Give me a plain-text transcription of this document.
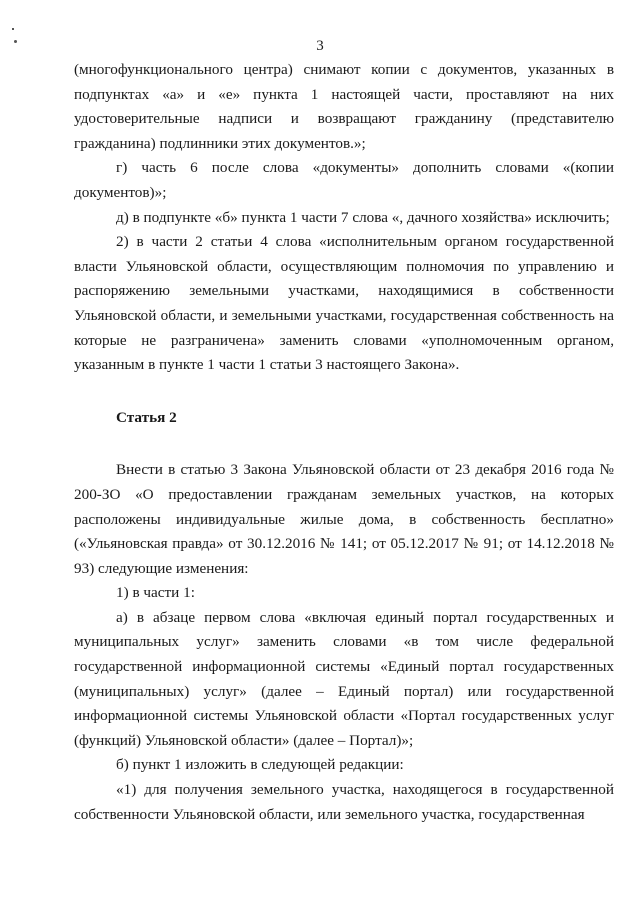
3

(многофункционального центра) снимают копии с документов, указанных в подпунктах «а» и «е» пункта 1 настоящей части, проставляют на них удостоверительные надписи и возвращают гражданину (представителю гражданина) подлинники этих документов.»;

г) часть 6 после слова «документы» дополнить словами «(копии документов)»;

д) в подпункте «б» пункта 1 части 7 слова «, дачного хозяйства» исключить;

2) в части 2 статьи 4 слова «исполнительным органом государственной власти Ульяновской области, осуществляющим полномочия по управлению и распоряжению земельными участками, находящимися в собственности Ульяновской области, и земельными участками, государственная собственность на которые не разграничена» заменить словами «уполномоченным органом, указанным в пункте 1 части 1 статьи 3 настоящего Закона».

Статья 2

Внести в статью 3 Закона Ульяновской области от 23 декабря 2016 года № 200-ЗО «О предоставлении гражданам земельных участков, на которых расположены индивидуальные жилые дома, в собственность бесплатно» («Ульяновская правда» от 30.12.2016 № 141; от 05.12.2017 № 91; от 14.12.2018 № 93) следующие изменения:

1) в части 1:

а) в абзаце первом слова «включая единый портал государственных и муниципальных услуг» заменить словами «в том числе федеральной государственной информационной системы «Единый портал государственных (муниципальных) услуг» (далее – Единый портал) или государственной информационной системы Ульяновской области «Портал государственных услуг (функций) Ульяновской области» (далее – Портал)»;

б) пункт 1 изложить в следующей редакции:

«1) для получения земельного участка, находящегося в государственной собственности Ульяновской области, или земельного участка, государственная
